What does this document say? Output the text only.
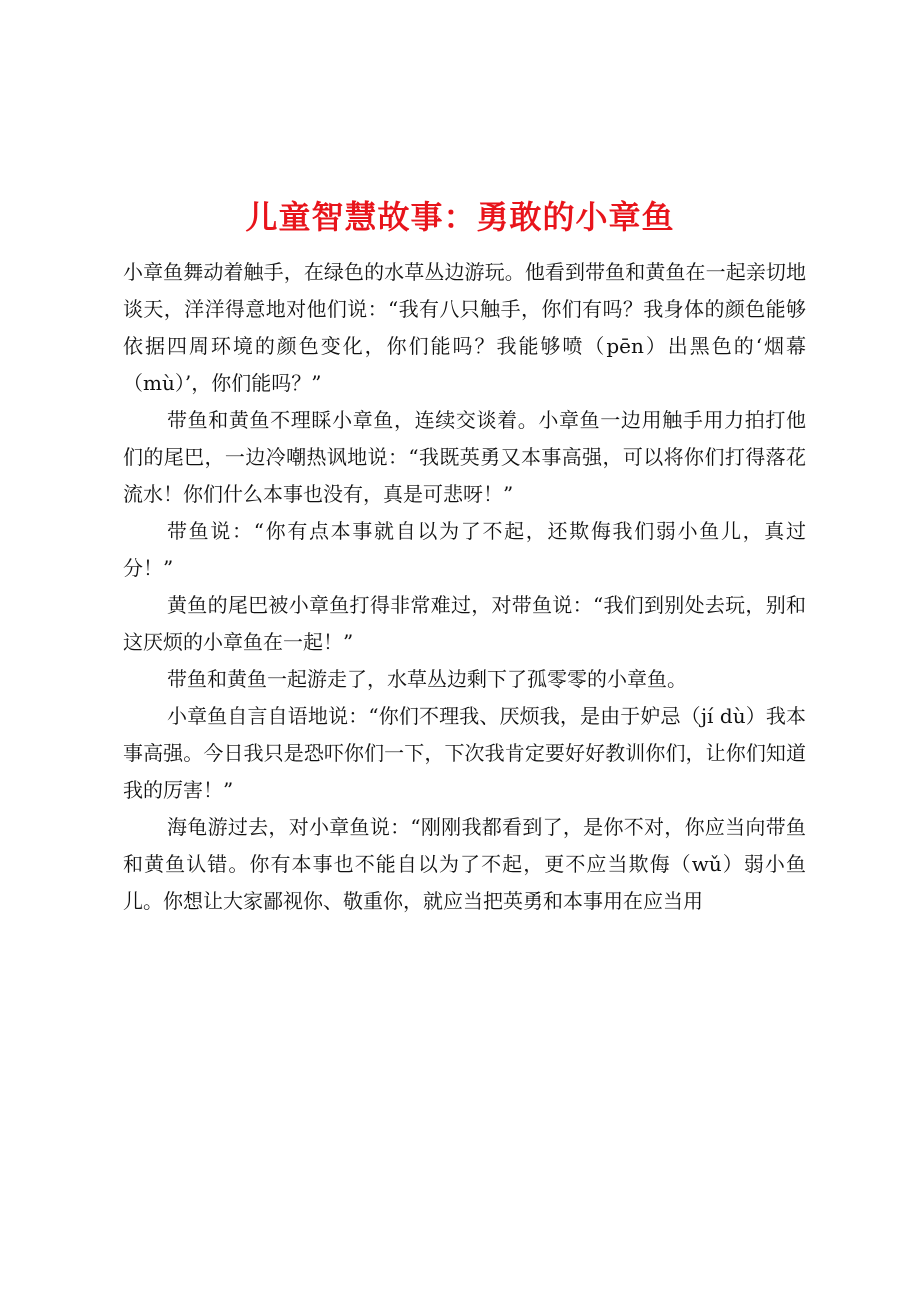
儿童智慧故事：勇敢的小章鱼

小章鱼舞动着触手，在绿色的水草丛边游玩。他看到带鱼和黄鱼在一起亲切地谈天，洋洋得意地对他们说：“我有八只触手，你们有吗？我身体的颜色能够依据四周环境的颜色变化，你们能吗？我能够喷（pēn）出黑色的‘烟幕（mù）’，你们能吗？”

带鱼和黄鱼不理睬小章鱼，连续交谈着。小章鱼一边用触手用力拍打他们的尾巴，一边冷嘲热讽地说：“我既英勇又本事高强，可以将你们打得落花流水！你们什么本事也没有，真是可悲呀！”

带鱼说：“你有点本事就自以为了不起，还欺侮我们弱小鱼儿，真过分！”

黄鱼的尾巴被小章鱼打得非常难过，对带鱼说：“我们到别处去玩，别和这厌烦的小章鱼在一起！”

带鱼和黄鱼一起游走了，水草丛边剩下了孤零零的小章鱼。

小章鱼自言自语地说：“你们不理我、厌烦我，是由于妒忌（jí dù）我本事高强。今日我只是恐吓你们一下，下次我肯定要好好教训你们，让你们知道我的厉害！”

海龟游过去，对小章鱼说：“刚刚我都看到了，是你不对，你应当向带鱼和黄鱼认错。你有本事也不能自以为了不起，更不应当欺侮（wǔ）弱小鱼儿。你想让大家鄙视你、敬重你，就应当把英勇和本事用在应当用
